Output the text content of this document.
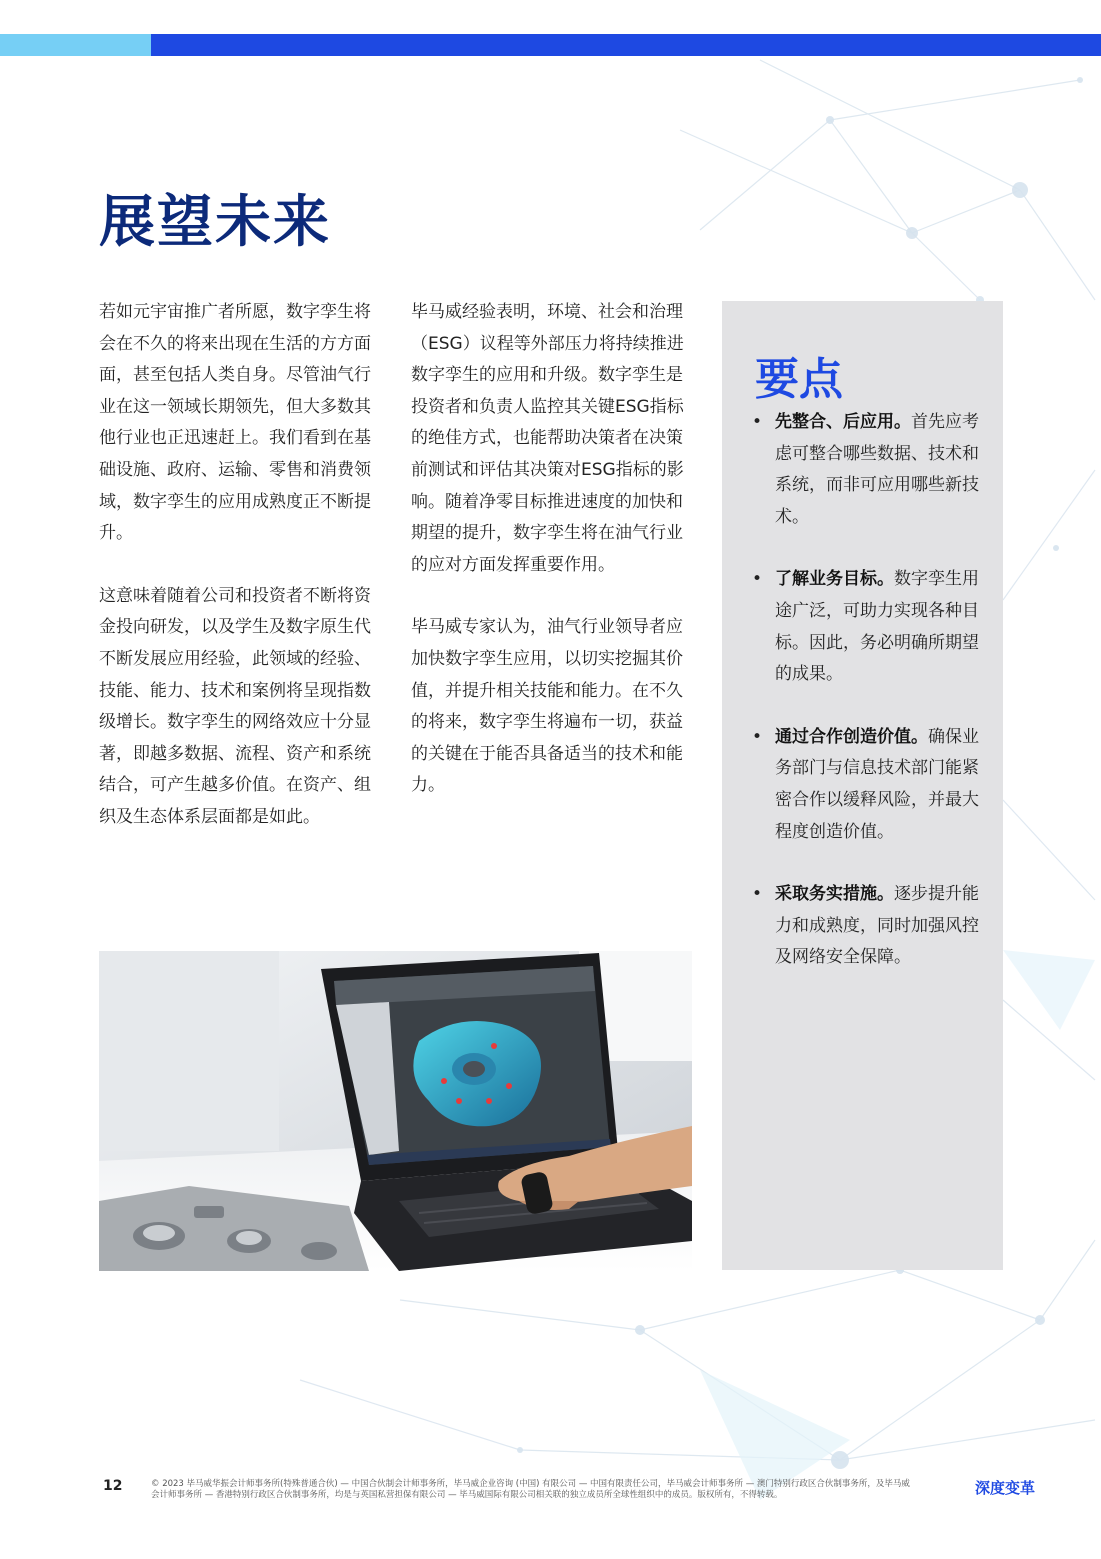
展望未来

若如元宇宙推广者所愿，数字孪生将会在不久的将来出现在生活的方方面面，甚至包括人类自身。尽管油气行业在这一领域长期领先，但大多数其他行业也正迅速赶上。我们看到在基础设施、政府、运输、零售和消费领域，数字孪生的应用成熟度正不断提升。

这意味着随着公司和投资者不断将资金投向研发，以及学生及数字原生代不断发展应用经验，此领域的经验、技能、能力、技术和案例将呈现指数级增长。数字孪生的网络效应十分显著，即越多数据、流程、资产和系统结合，可产生越多价值。在资产、组织及生态体系层面都是如此。

毕马威经验表明，环境、社会和治理（ESG）议程等外部压力将持续推进数字孪生的应用和升级。数字孪生是投资者和负责人监控其关键ESG指标的绝佳方式，也能帮助决策者在决策前测试和评估其决策对ESG指标的影响。随着净零目标推进速度的加快和期望的提升，数字孪生将在油气行业的应对方面发挥重要作用。

毕马威专家认为，油气行业领导者应加快数字孪生应用，以切实挖掘其价值，并提升相关技能和能力。在不久的将来，数字孪生将遍布一切，获益的关键在于能否具备适当的技术和能力。

要点
• 先整合、后应用。首先应考虑可整合哪些数据、技术和系统，而非可应用哪些新技术。
• 了解业务目标。数字孪生用途广泛，可助力实现各种目标。因此，务必明确所期望的成果。
• 通过合作创造价值。确保业务部门与信息技术部门能紧密合作以缓释风险，并最大程度创造价值。
• 采取务实措施。逐步提升能力和成熟度，同时加强风控及网络安全保障。
12	© 2023 毕马威华振会计师事务所(特殊普通合伙) — 中国合伙制会计师事务所，毕马威企业咨询 (中国) 有限公司 — 中国有限责任公司，毕马威会计师事务所 — 澳门特别行政区合伙制事务所，及毕马威会计师事务所 — 香港特别行政区合伙制事务所，均是与英国私营担保有限公司 — 毕马威国际有限公司相关联的独立成员所全球性组织中的成员。版权所有，不得转载。	深度变革
